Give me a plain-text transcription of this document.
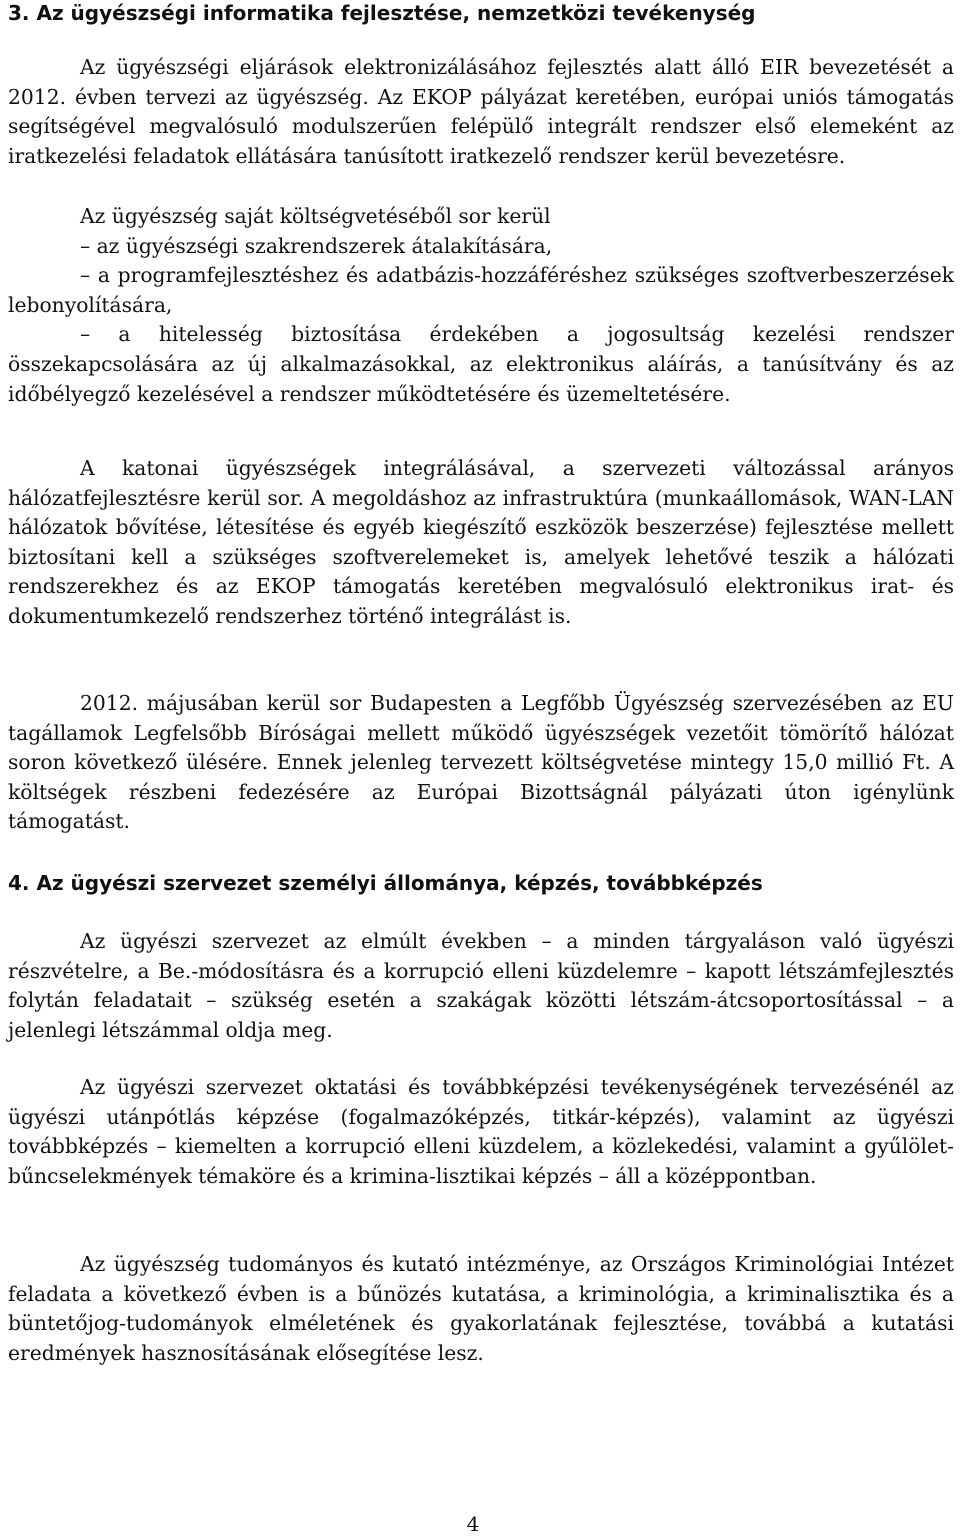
3. Az ügyészségi informatika fejlesztése, nemzetközi tevékenység

Az ügyészségi eljárások elektronizálásához fejlesztés alatt álló EIR bevezetését a 2012. évben tervezi az ügyészség. Az EKOP pályázat keretében, európai uniós támogatás segítségével megvalósuló modulszerűen felépülő integrált rendszer első elemeként az iratkezelési feladatok ellátására tanúsított iratkezelő rendszer kerül bevezetésre.

Az ügyészség saját költségvetéséből sor kerül

– az ügyészségi szakrendszerek átalakítására,

– a programfejlesztéshez és adatbázis-hozzáféréshez szükséges szoftverbeszerzések lebonyolítására,

– a hitelesség biztosítása érdekében a jogosultság kezelési rendszer összekapcsolására az új alkalmazásokkal, az elektronikus aláírás, a tanúsítvány és az időbélyegző kezelésével a rendszer működtetésére és üzemeltetésére.

A katonai ügyészségek integrálásával, a szervezeti változással arányos hálózatfejlesztésre kerül sor. A megoldáshoz az infrastruktúra (munkaállomások, WAN-LAN hálózatok bővítése, létesítése és egyéb kiegészítő eszközök beszerzése) fejlesztése mellett biztosítani kell a szükséges szoftverelemeket is, amelyek lehetővé teszik a hálózati rendszerekhez és az EKOP támogatás keretében megvalósuló elektronikus irat- és dokumentumkezelő rendszerhez történő integrálást is.

2012. májusában kerül sor Budapesten a Legfőbb Ügyészség szervezésében az EU tagállamok Legfelsőbb Bíróságai mellett működő ügyészségek vezetőit tömörítő hálózat soron következő ülésére. Ennek jelenleg tervezett költségvetése mintegy 15,0 millió Ft. A költségek részbeni fedezésére az Európai Bizottságnál pályázati úton igénylünk támogatást.

4. Az ügyészi szervezet személyi állománya, képzés, továbbképzés

Az ügyészi szervezet az elmúlt években – a minden tárgyaláson való ügyészi részvételre, a Be.-módosításra és a korrupció elleni küzdelemre – kapott létszámfejlesztés folytán feladatait – szükség esetén a szakágak közötti létszám-átcsoportosítással – a jelenlegi létszámmal oldja meg.

Az ügyészi szervezet oktatási és továbbképzési tevékenységének tervezésénél az ügyészi utánpótlás képzése (fogalmazóképzés, titkár-képzés), valamint az ügyészi továbbképzés – kiemelten a korrupció elleni küzdelem, a közlekedési, valamint a gyűlölet-bűncselekmények témaköre és a krimina-lisztikai képzés – áll a középpontban.

Az ügyészség tudományos és kutató intézménye, az Országos Kriminológiai Intézet feladata a következő évben is a bűnözés kutatása, a kriminológia, a kriminalisztika és a büntetőjog-tudományok elméletének és gyakorlatának fejlesztése, továbbá a kutatási eredmények hasznosításának elősegítése lesz.

4
